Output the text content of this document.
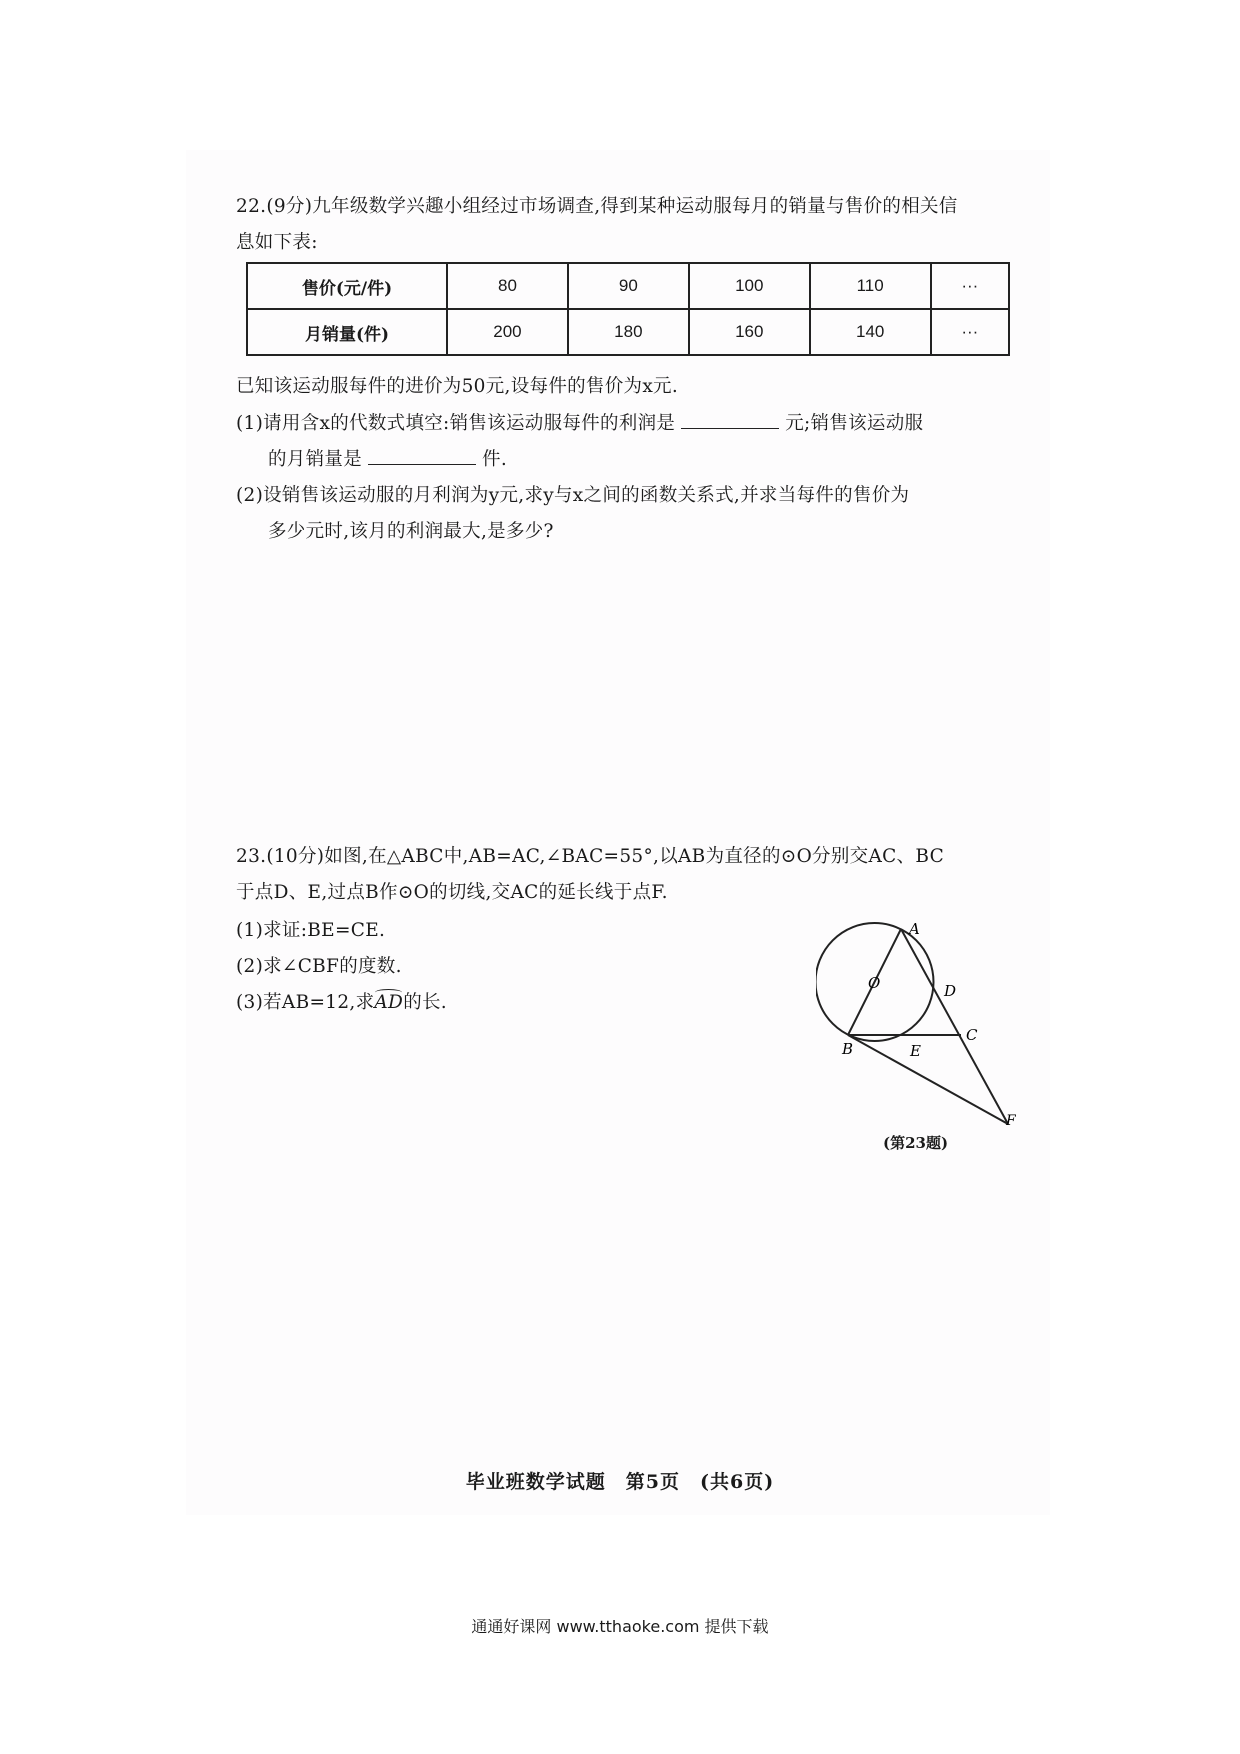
22.(9分)九年级数学兴趣小组经过市场调查,得到某种运动服每月的销量与售价的相关信
息如下表:
售价(元/件)	80	90	100	110	···
月销量(件)	200	180	160	140	···
已知该运动服每件的进价为50元,设每件的售价为x元.
(1)请用含x的代数式填空:销售该运动服每件的利润是	元;销售该运动服
的月销量是	件.
(2)设销售该运动服的月利润为y元,求y与x之间的函数关系式,并求当每件的售价为
多少元时,该月的利润最大,是多少?
23.(10分)如图,在△ABC中,AB=AC,∠BAC=55°,以AB为直径的⊙O分别交AC、BC
于点D、E,过点B作⊙O的切线,交AC的延长线于点F.
(1)求证:BE=CE.
(2)求∠CBF的度数.
(3)若AB=12,求AD的长.
A
O	D
B	E
C
F
(第23题)
毕业班数学试题　第5页　(共6页)
通通好课网 www.tthaoke.com 提供下载
